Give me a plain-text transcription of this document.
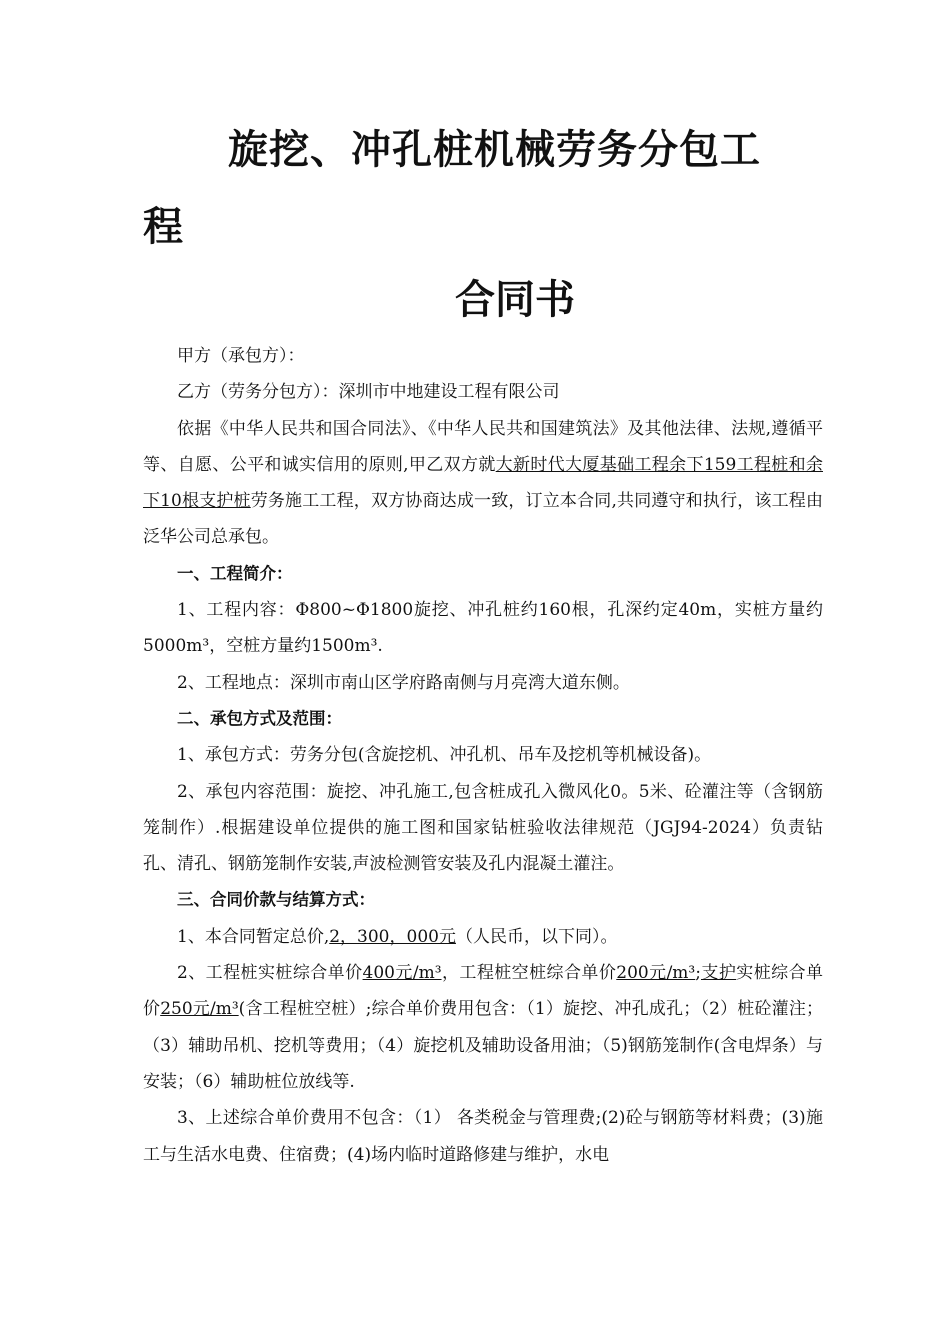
旋挖、冲孔桩机械劳务分包工
程
合同书

甲方（承包方）：

乙方（劳务分包方）：深圳市中地建设工程有限公司

依据《中华人民共和国合同法》、《中华人民共和国建筑法》及其他法律、法规,遵循平等、自愿、公平和诚实信用的原则,甲乙双方就大新时代大厦基础工程余下159工程桩和余下10根支护桩劳务施工工程，双方协商达成一致，订立本合同,共同遵守和执行，该工程由泛华公司总承包。

一、工程简介：

1、工程内容：Φ800~Φ1800旋挖、冲孔桩约160根，孔深约定40m，实桩方量约5000m³，空桩方量约1500m³.

2、工程地点：深圳市南山区学府路南侧与月亮湾大道东侧。

二、承包方式及范围：

1、承包方式：劳务分包(含旋挖机、冲孔机、吊车及挖机等机械设备)。

2、承包内容范围：旋挖、冲孔施工,包含桩成孔入微风化0。5米、砼灌注等（含钢筋笼制作）.根据建设单位提供的施工图和国家钻桩验收法律规范（JGJ94-2024）负责钻孔、清孔、钢筋笼制作安装,声波检测管安装及孔内混凝土灌注。

三、合同价款与结算方式：

1、本合同暂定总价,2，300，000元（人民币，以下同）。

2、工程桩实桩综合单价400元/m³，工程桩空桩综合单价200元/m³;支护实桩综合单价250元/m³(含工程桩空桩）;综合单价费用包含：（1）旋挖、冲孔成孔；（2）桩砼灌注；（3）辅助吊机、挖机等费用；（4）旋挖机及辅助设备用油；（5)钢筋笼制作(含电焊条）与安装；（6）辅助桩位放线等.

3、上述综合单价费用不包含：（1） 各类税金与管理费;(2)砼与钢筋等材料费；(3)施工与生活水电费、住宿费；(4)场内临时道路修建与维护，水电
